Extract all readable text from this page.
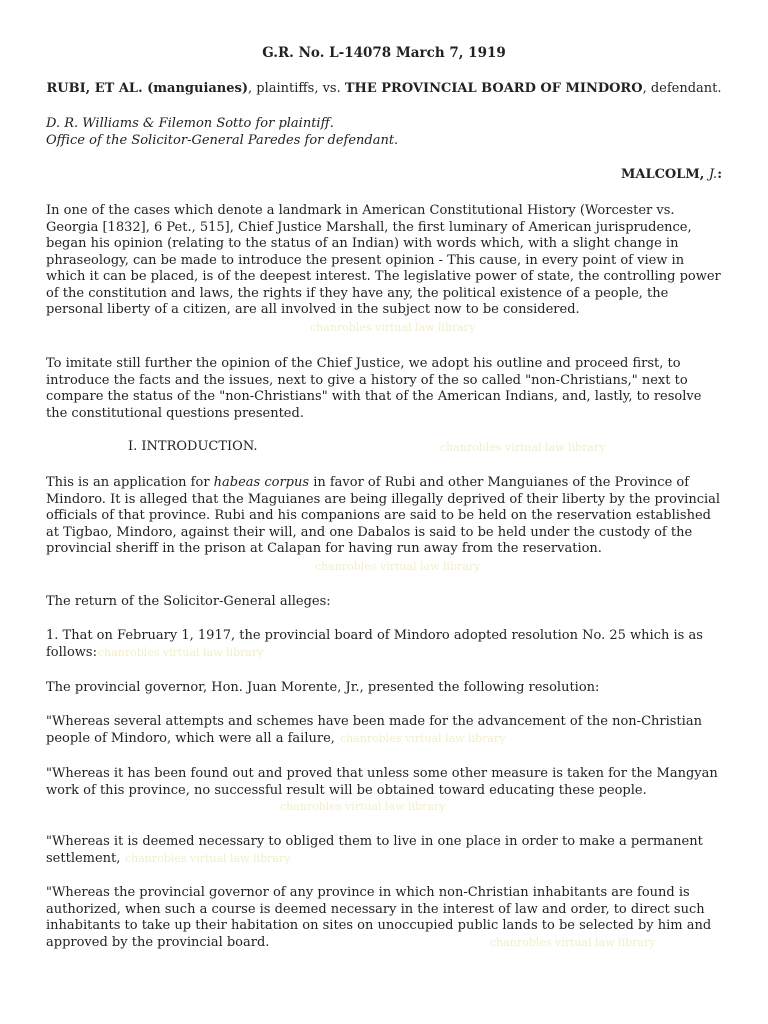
G.R. No. L-14078 March 7, 1919
RUBI, ET AL. (manguianes), plaintiffs, vs. THE PROVINCIAL BOARD OF MINDORO, defendant.
D. R. Williams & Filemon Sotto for plaintiff.
Office of the Solicitor-General Paredes for defendant.
MALCOLM, J.:

In one of the cases which denote a landmark in American Constitutional History (Worcester vs. Georgia [1832], 6 Pet., 515], Chief Justice Marshall, the first luminary of American jurisprudence, began his opinion (relating to the status of an Indian) with words which, with a slight change in phraseology, can be made to introduce the present opinion - This cause, in every point of view in which it can be placed, is of the deepest interest. The legislative power of state, the controlling power of the constitution and laws, the rights if they have any, the political existence of a people, the personal liberty of a citizen, are all involved in the subject now to be considered.

chanrobles virtual law library

To imitate still further the opinion of the Chief Justice, we adopt his outline and proceed first, to introduce the facts and the issues, next to give a history of the so called "non-Christians," next to compare the status of the "non-Christians" with that of the American Indians, and, lastly, to resolve the constitutional questions presented.

I. INTRODUCTION.	chanrobles virtual law library

This is an application for habeas corpus in favor of Rubi and other Manguianes of the Province of Mindoro. It is alleged that the Maguianes are being illegally deprived of their liberty by the provincial officials of that province. Rubi and his companions are said to be held on the reservation established at Tigbao, Mindoro, against their will, and one Dabalos is said to be held under the custody of the provincial sheriff in the prison at Calapan for having run away from the reservation.

chanrobles virtual law library

The return of the Solicitor-General alleges:

1. That on February 1, 1917, the provincial board of Mindoro adopted resolution No. 25 which is as follows: chanrobles virtual law library

The provincial governor, Hon. Juan Morente, Jr., presented the following resolution:

"Whereas several attempts and schemes have been made for the advancement of the non-Christian people of Mindoro, which were all a failure, chanrobles virtual law library

"Whereas it has been found out and proved that unless some other measure is taken for the Mangyan work of this province, no successful result will be obtained toward educating these people.

chanrobles virtual law library

"Whereas it is deemed necessary to obliged them to live in one place in order to make a permanent settlement, chanrobles virtual law library

"Whereas the provincial governor of any province in which non-Christian inhabitants are found is authorized, when such a course is deemed necessary in the interest of law and order, to direct such inhabitants to take up their habitation on sites on unoccupied public lands to be selected by him and approved by the provincial board.	chanrobles virtual law library
